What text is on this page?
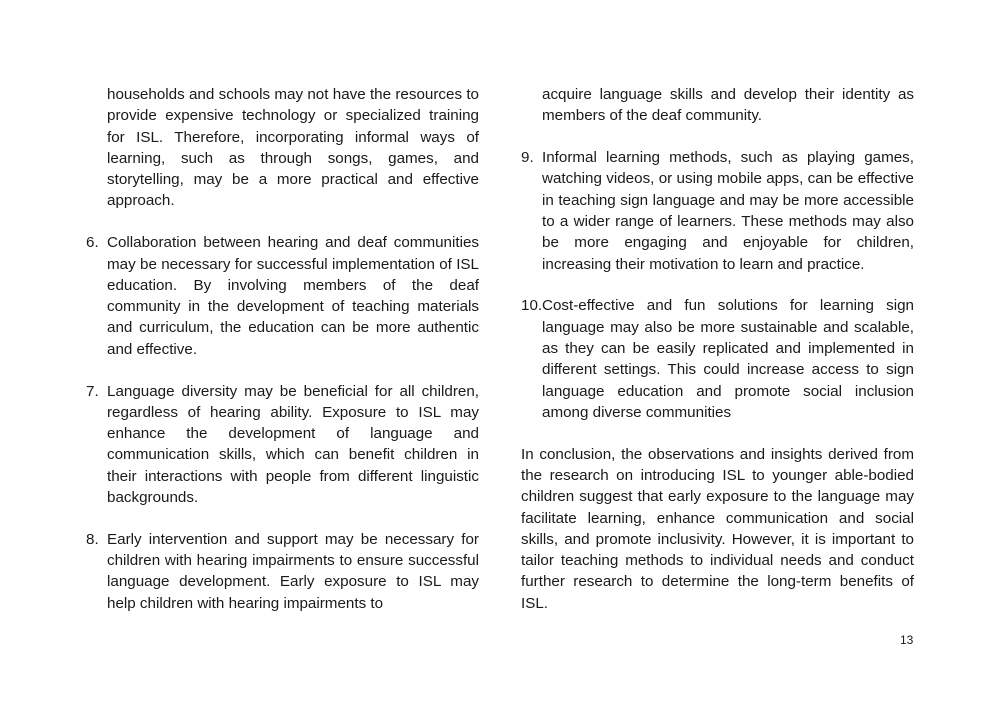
households and schools may not have the resources to provide expensive technology or specialized training for ISL. Therefore, incorporating informal ways of learning, such as through songs, games, and storytelling, may be a more practical and effective approach.

6. Collaboration between hearing and deaf communities may be necessary for successful implementation of ISL education. By involving members of the deaf community in the development of teaching materials and curriculum, the education can be more authentic and effective.

7. Language diversity may be beneficial for all children, regardless of hearing ability. Exposure to ISL may enhance the development of language and communication skills, which can benefit children in their interactions with people from different linguistic backgrounds.

8. Early intervention and support may be necessary for children with hearing impairments to ensure successful language development. Early exposure to ISL may help children with hearing impairments to

acquire language skills and develop their identity as members of the deaf community.

9. Informal learning methods, such as playing games, watching videos, or using mobile apps, can be effective in teaching sign language and may be more accessible to a wider range of learners. These methods may also be more engaging and enjoyable for children, increasing their motivation to learn and practice.

10. Cost-effective and fun solutions for learning sign language may also be more sustainable and scalable, as they can be easily replicated and implemented in different settings. This could increase access to sign language education and promote social inclusion among diverse communities

In conclusion, the observations and insights derived from the research on introducing ISL to younger able-bodied children suggest that early exposure to the language may facilitate learning, enhance communication and social skills, and promote inclusivity. However, it is important to tailor teaching methods to individual needs and conduct further research to determine the long-term benefits of ISL.

13
